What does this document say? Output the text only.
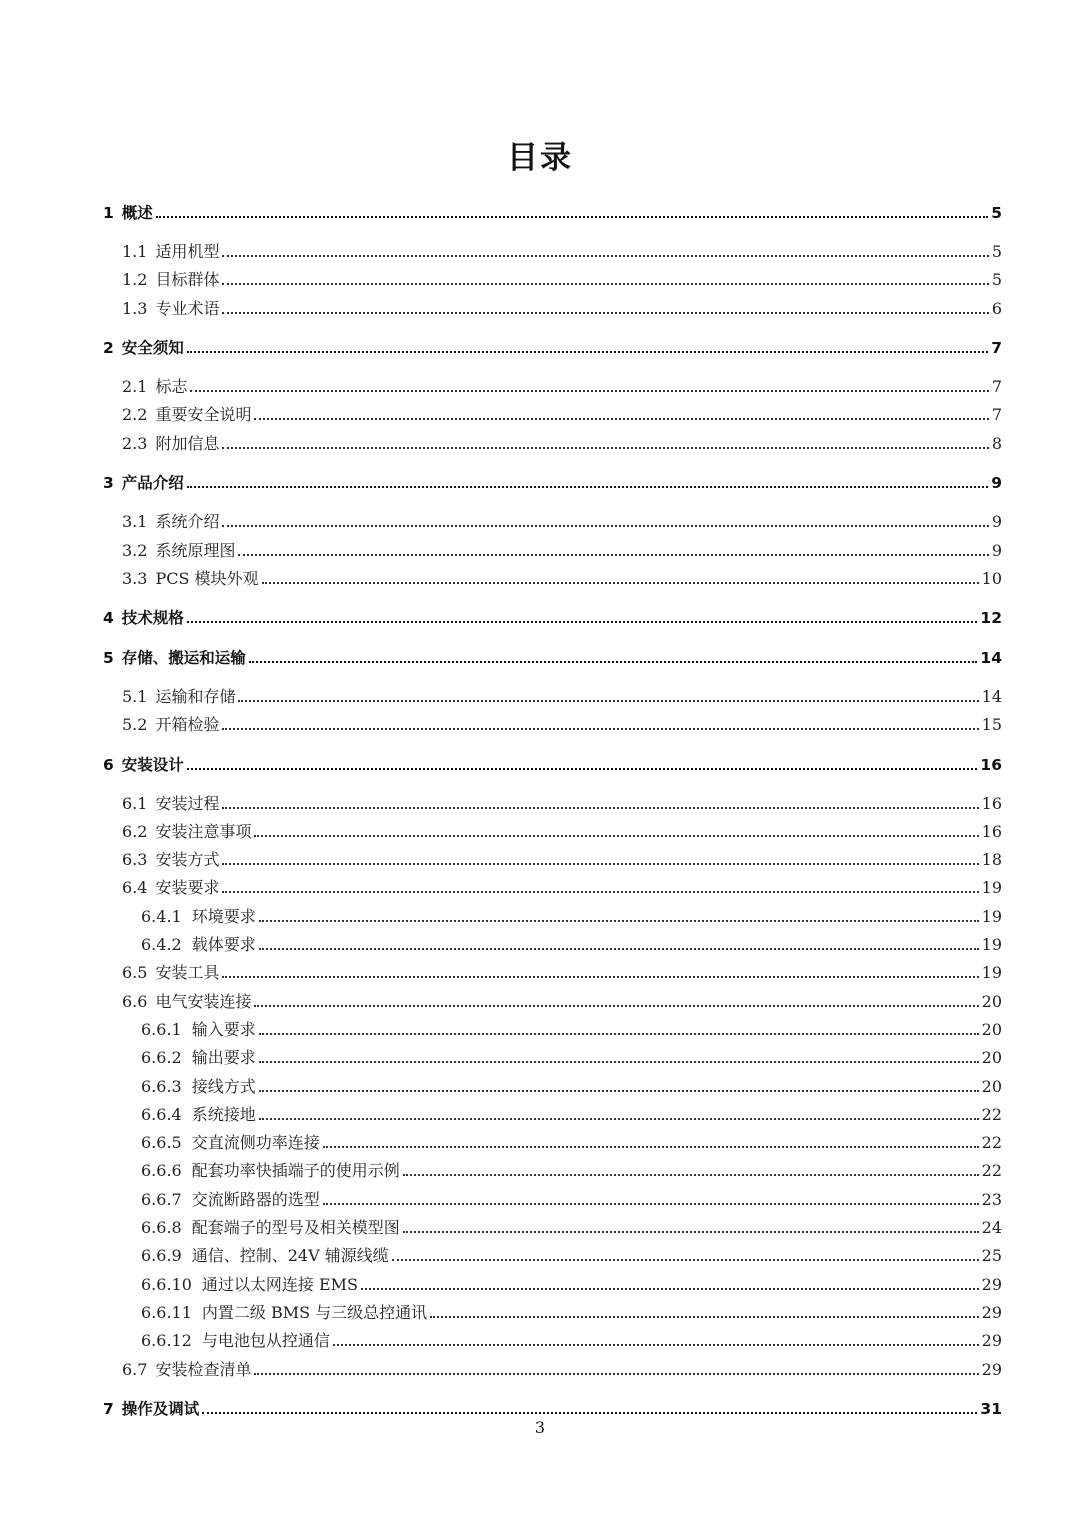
目录
1 概述	5
1.1 适用机型	5
1.2 目标群体	5
1.3 专业术语	6
2 安全须知	7
2.1 标志	7
2.2 重要安全说明	7
2.3 附加信息	8
3 产品介绍	9
3.1 系统介绍	9
3.2 系统原理图	9
3.3 PCS 模块外观	10
4 技术规格	12
5 存储、搬运和运输	14
5.1 运输和存储	14
5.2 开箱检验	15
6 安装设计	16
6.1 安装过程	16
6.2 安装注意事项	16
6.3 安装方式	18
6.4 安装要求	19
6.4.1 环境要求	19
6.4.2 载体要求	19
6.5 安装工具	19
6.6 电气安装连接	20
6.6.1 输入要求	20
6.6.2 输出要求	20
6.6.3 接线方式	20
6.6.4 系统接地	22
6.6.5 交直流侧功率连接	22
6.6.6 配套功率快插端子的使用示例	22
6.6.7 交流断路器的选型	23
6.6.8 配套端子的型号及相关模型图	24
6.6.9 通信、控制、24V 辅源线缆	25
6.6.10 通过以太网连接 EMS	29
6.6.11 内置二级 BMS 与三级总控通讯	29
6.6.12 与电池包从控通信	29
6.7 安装检查清单	29
7 操作及调试	31
3
